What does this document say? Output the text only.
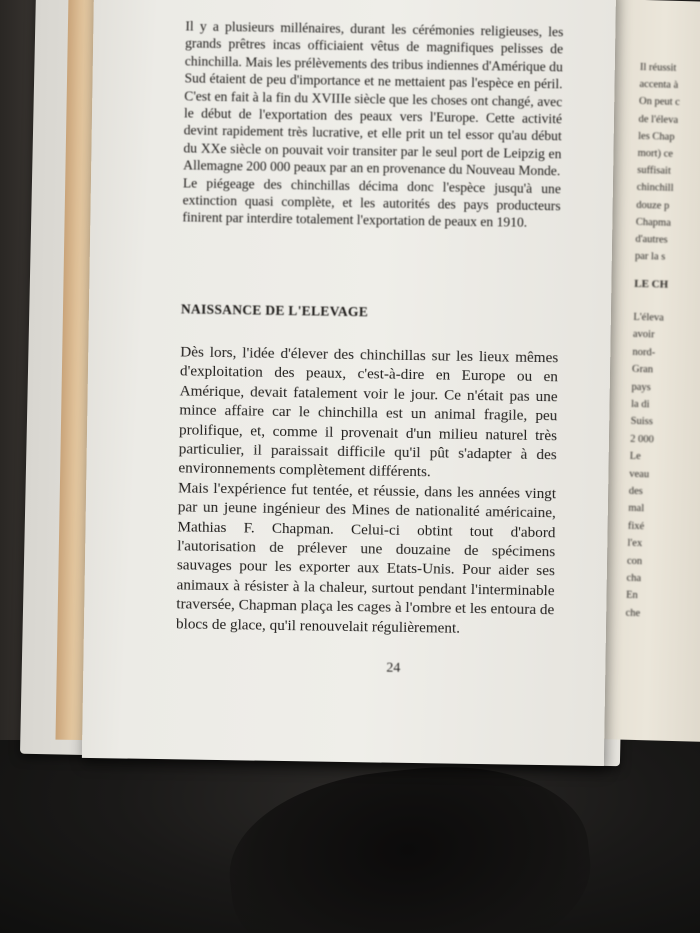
Il réussit
accenta à
On peut c
de l'éleva
les Chap
mort) ce
suffisait
chinchill
douze p
Chapma
d'autres
par la s
LE CH
L'éleva
avoir
nord-
Gran
pays
la di
Suiss
2 000
Le
veau
des
mal
fixé
l'ex
con
cha
En
che

Il y a plusieurs millénaires, durant les cérémonies religieuses, les grands prêtres incas officiaient vêtus de magnifiques pelisses de chinchilla. Mais les prélèvements des tribus indiennes d'Amérique du Sud étaient de peu d'importance et ne mettaient pas l'espèce en péril. C'est en fait à la fin du XVIIIe siècle que les choses ont changé, avec le début de l'exportation des peaux vers l'Europe. Cette activité devint rapidement très lucrative, et elle prit un tel essor qu'au début du XXe siècle on pouvait voir transiter par le seul port de Leipzig en Allemagne 200 000 peaux par an en provenance du Nouveau Monde.

Le piégeage des chinchillas décima donc l'espèce jusqu'à une extinction quasi complète, et les autorités des pays producteurs finirent par interdire totalement l'exportation de peaux en 1910.

NAISSANCE DE L'ELEVAGE

Dès lors, l'idée d'élever des chinchillas sur les lieux mêmes d'exploitation des peaux, c'est-à-dire en Europe ou en Amérique, devait fatalement voir le jour. Ce n'était pas une mince affaire car le chinchilla est un animal fragile, peu prolifique, et, comme il provenait d'un milieu naturel très particulier, il paraissait difficile qu'il pût s'adapter à des environnements complètement différents.

Mais l'expérience fut tentée, et réussie, dans les années vingt par un jeune ingénieur des Mines de nationalité américaine, Mathias F. Chapman. Celui-ci obtint tout d'abord l'autorisation de prélever une douzaine de spécimens sauvages pour les exporter aux Etats-Unis. Pour aider ses animaux à résister à la chaleur, surtout pendant l'interminable traversée, Chapman plaça les cages à l'ombre et les entoura de blocs de glace, qu'il renouvelait régulièrement.

24
